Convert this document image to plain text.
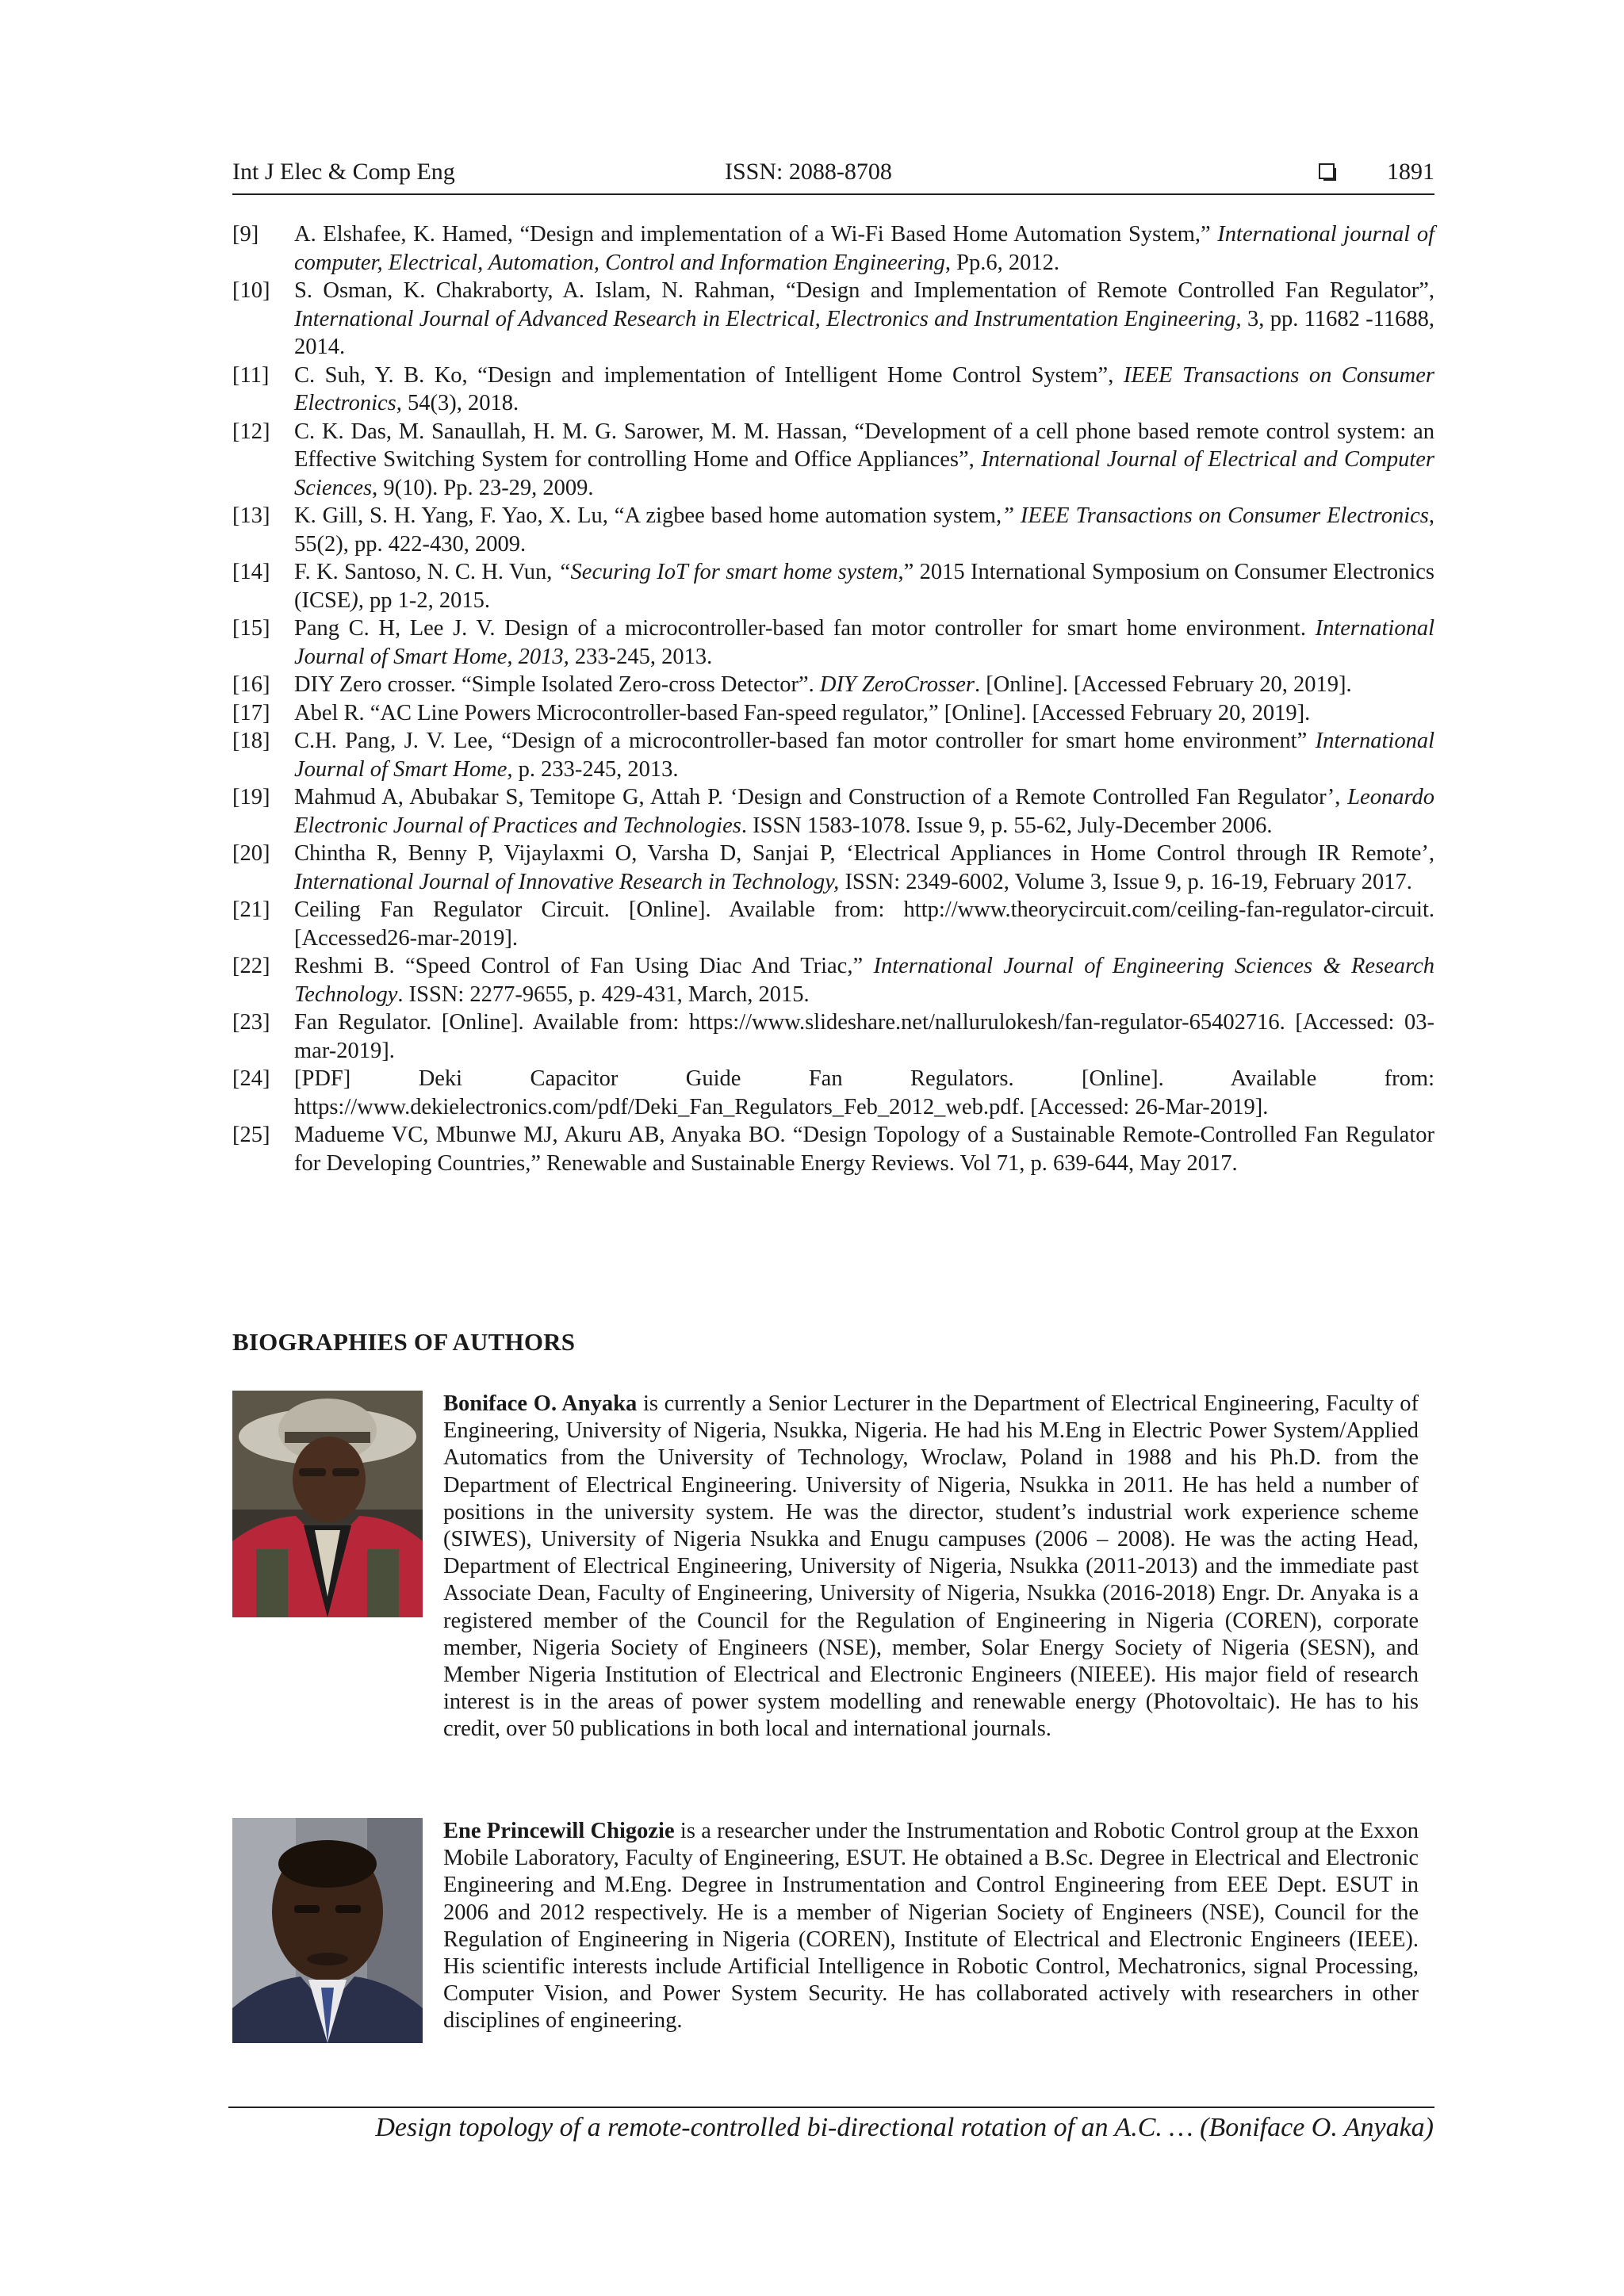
Int J Elec & Comp Eng	ISSN: 2088-8708	1891
[9] A. Elshafee, K. Hamed, “Design and implementation of a Wi-Fi Based Home Automation System,” International journal of computer, Electrical, Automation, Control and Information Engineering, Pp.6, 2012.
[10] S. Osman, K. Chakraborty, A. Islam, N. Rahman, “Design and Implementation of Remote Controlled Fan Regulator”, International Journal of Advanced Research in Electrical, Electronics and Instrumentation Engineering, 3, pp. 11682 -11688, 2014.
[11] C. Suh, Y. B. Ko, “Design and implementation of Intelligent Home Control System”, IEEE Transactions on Consumer Electronics, 54(3), 2018.
[12] C. K. Das, M. Sanaullah, H. M. G. Sarower, M. M. Hassan, “Development of a cell phone based remote control system: an Effective Switching System for controlling Home and Office Appliances”, International Journal of Electrical and Computer Sciences, 9(10). Pp. 23-29, 2009.
[13] K. Gill, S. H. Yang, F. Yao, X. Lu, “A zigbee based home automation system,” IEEE Transactions on Consumer Electronics, 55(2), pp. 422-430, 2009.
[14] F. K. Santoso, N. C. H. Vun, “Securing IoT for smart home system,” 2015 International Symposium on Consumer Electronics (ICSE), pp 1-2, 2015.
[15] Pang C. H, Lee J. V. Design of a microcontroller-based fan motor controller for smart home environment. International Journal of Smart Home, 2013, 233-245, 2013.
[16] DIY Zero crosser. “Simple Isolated Zero-cross Detector”. DIY ZeroCrosser. [Online]. [Accessed February 20, 2019].
[17] Abel R. “AC Line Powers Microcontroller-based Fan-speed regulator,” [Online]. [Accessed February 20, 2019].
[18] C.H. Pang, J. V. Lee, “Design of a microcontroller-based fan motor controller for smart home environment” International Journal of Smart Home, p. 233-245, 2013.
[19] Mahmud A, Abubakar S, Temitope G, Attah P. ‘Design and Construction of a Remote Controlled Fan Regulator’, Leonardo Electronic Journal of Practices and Technologies. ISSN 1583-1078. Issue 9, p. 55-62, July-December 2006.
[20] Chintha R, Benny P, Vijaylaxmi O, Varsha D, Sanjai P, ‘Electrical Appliances in Home Control through IR Remote’, International Journal of Innovative Research in Technology, ISSN: 2349-6002, Volume 3, Issue 9, p. 16-19, February 2017.
[21] Ceiling Fan Regulator Circuit. [Online]. Available from: http://www.theorycircuit.com/ceiling-fan-regulator-circuit. [Accessed26-mar-2019].
[22] Reshmi B. “Speed Control of Fan Using Diac And Triac,” International Journal of Engineering Sciences & Research Technology. ISSN: 2277-9655, p. 429-431, March, 2015.
[23] Fan Regulator. [Online]. Available from: https://www.slideshare.net/nallurulokesh/fan-regulator-65402716. [Accessed: 03-mar-2019].
[24] [PDF] Deki Capacitor Guide Fan Regulators. [Online]. Available from: https://www.dekielectronics.com/pdf/Deki_Fan_Regulators_Feb_2012_web.pdf. [Accessed: 26-Mar-2019].
[25] Madueme VC, Mbunwe MJ, Akuru AB, Anyaka BO. “Design Topology of a Sustainable Remote-Controlled Fan Regulator for Developing Countries,” Renewable and Sustainable Energy Reviews. Vol 71, p. 639-644, May 2017.
BIOGRAPHIES OF AUTHORS
Boniface O. Anyaka is currently a Senior Lecturer in the Department of Electrical Engineering, Faculty of Engineering, University of Nigeria, Nsukka, Nigeria. He had his M.Eng in Electric Power System/Applied Automatics from the University of Technology, Wroclaw, Poland in 1988 and his Ph.D. from the Department of Electrical Engineering. University of Nigeria, Nsukka in 2011. He has held a number of positions in the university system. He was the director, student’s industrial work experience scheme (SIWES), University of Nigeria Nsukka and Enugu campuses (2006 – 2008). He was the acting Head, Department of Electrical Engineering, University of Nigeria, Nsukka (2011-2013) and the immediate past Associate Dean, Faculty of Engineering, University of Nigeria, Nsukka (2016-2018) Engr. Dr. Anyaka is a registered member of the Council for the Regulation of Engineering in Nigeria (COREN), corporate member, Nigeria Society of Engineers (NSE), member, Solar Energy Society of Nigeria (SESN), and Member Nigeria Institution of Electrical and Electronic Engineers (NIEEE). His major field of research interest is in the areas of power system modelling and renewable energy (Photovoltaic). He has to his credit, over 50 publications in both local and international journals.
Ene Princewill Chigozie is a researcher under the Instrumentation and Robotic Control group at the Exxon Mobile Laboratory, Faculty of Engineering, ESUT. He obtained a B.Sc. Degree in Electrical and Electronic Engineering and M.Eng. Degree in Instrumentation and Control Engineering from EEE Dept. ESUT in 2006 and 2012 respectively. He is a member of Nigerian Society of Engineers (NSE), Council for the Regulation of Engineering in Nigeria (COREN), Institute of Electrical and Electronic Engineers (IEEE). His scientific interests include Artificial Intelligence in Robotic Control, Mechatronics, signal Processing, Computer Vision, and Power System Security. He has collaborated actively with researchers in other disciplines of engineering.
Design topology of a remote-controlled bi-directional rotation of an A.C. … (Boniface O. Anyaka)
